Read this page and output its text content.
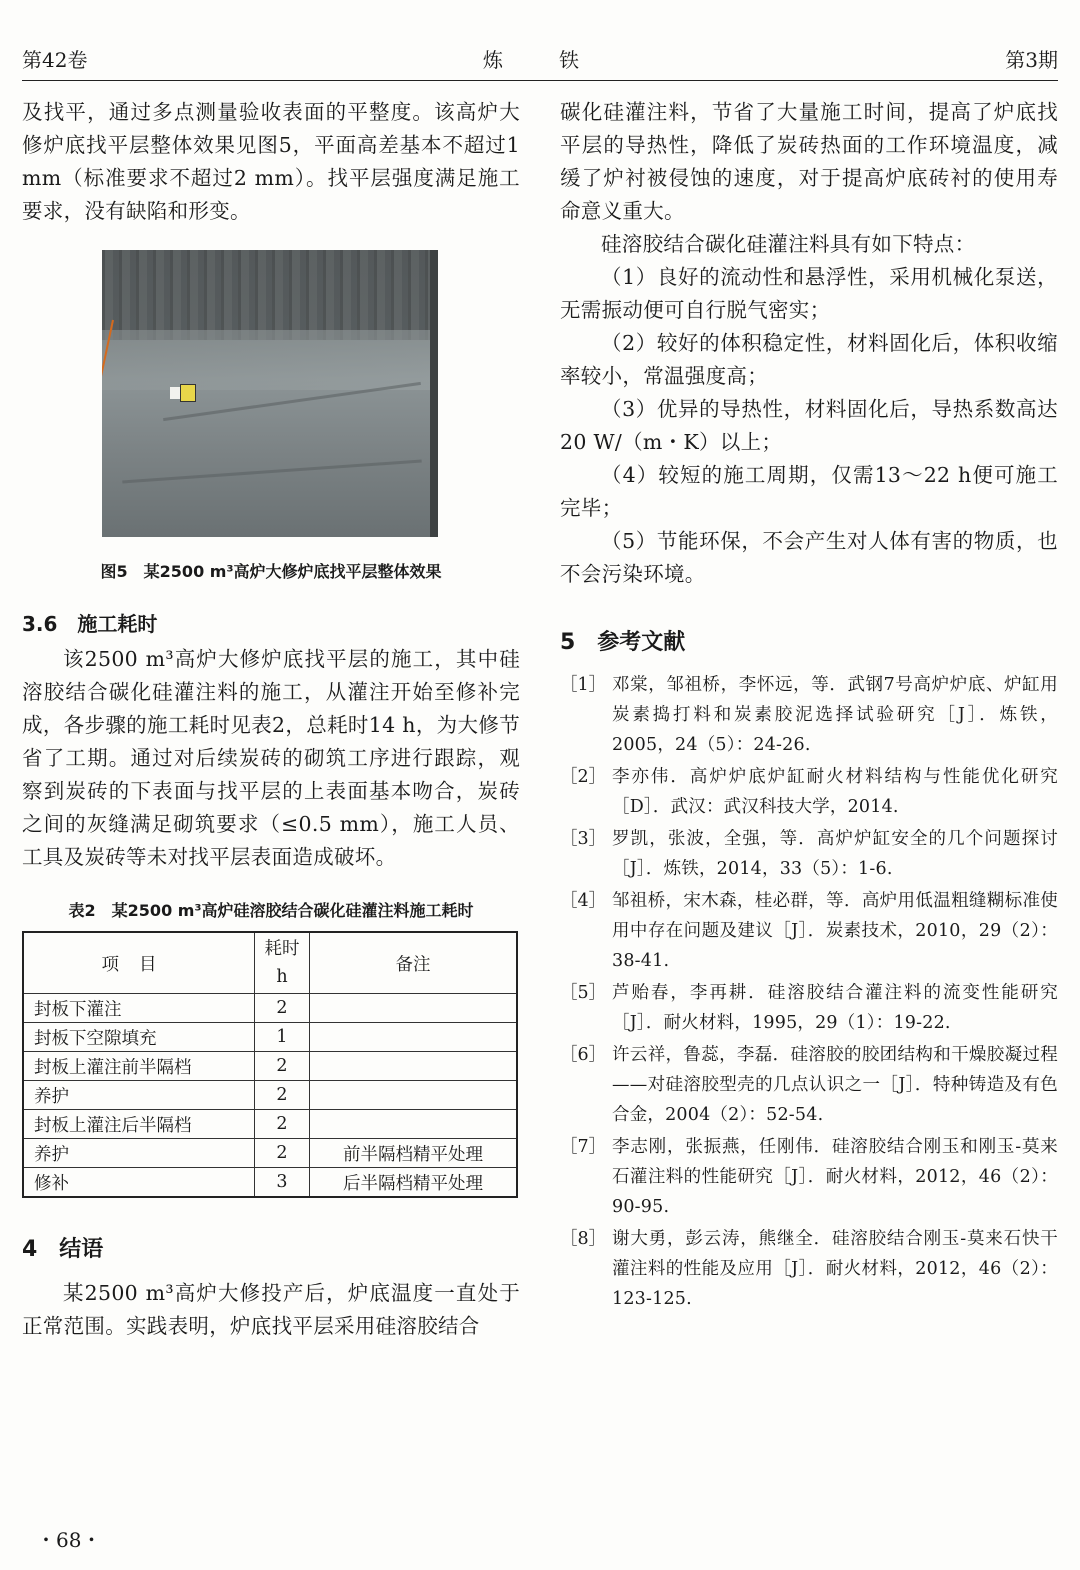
第42卷	炼　铁	第3期

及找平，通过多点测量验收表面的平整度。该高炉大修炉底找平层整体效果见图5，平面高差基本不超过1 mm（标准要求不超过2 mm）。找平层强度满足施工要求，没有缺陷和形变。

图5　某2500 m³高炉大修炉底找平层整体效果
3.6　施工耗时

该2500 m³高炉大修炉底找平层的施工，其中硅溶胶结合碳化硅灌注料的施工，从灌注开始至修补完成，各步骤的施工耗时见表2，总耗时14 h，为大修节省了工期。通过对后续炭砖的砌筑工序进行跟踪，观察到炭砖的下表面与找平层的上表面基本吻合，炭砖之间的灰缝满足砌筑要求（≤0.5 mm），施工人员、工具及炭砖等未对找平层表面造成破坏。

表2　某2500 m³高炉硅溶胶结合碳化硅灌注料施工耗时
项目	耗时h	备注
封板下灌注	2	
封板下空隙填充	1	
封板上灌注前半隔档	2	
养护	2	
封板上灌注后半隔档	2	
养护	2	前半隔档精平处理
修补	3	后半隔档精平处理
4　结语

某2500 m³高炉大修投产后，炉底温度一直处于正常范围。实践表明，炉底找平层采用硅溶胶结合

碳化硅灌注料，节省了大量施工时间，提高了炉底找平层的导热性，降低了炭砖热面的工作环境温度，减缓了炉衬被侵蚀的速度，对于提高炉底砖衬的使用寿命意义重大。

硅溶胶结合碳化硅灌注料具有如下特点：

（1）良好的流动性和悬浮性，采用机械化泵送，无需振动便可自行脱气密实；

（2）较好的体积稳定性，材料固化后，体积收缩率较小，常温强度高；

（3）优异的导热性，材料固化后，导热系数高达20 W/（m・K）以上；

（4）较短的施工周期，仅需13～22 h便可施工完毕；

（5）节能环保，不会产生对人体有害的物质，也不会污染环境。

5　参考文献
［1］ 邓棠，邹祖桥，李怀远，等．武钢7号高炉炉底、炉缸用炭素捣打料和炭素胶泥选择试验研究［J］．炼铁，2005，24（5）：24-26.
［2］ 李亦伟．高炉炉底炉缸耐火材料结构与性能优化研究［D］．武汉：武汉科技大学，2014.
［3］ 罗凯，张波，全强，等．高炉炉缸安全的几个问题探讨［J］．炼铁，2014，33（5）：1-6.
［4］ 邹祖桥，宋木森，桂必群，等．高炉用低温粗缝糊标准使用中存在问题及建议［J］．炭素技术，2010，29（2）：38-41.
［5］ 芦贻春，李再耕．硅溶胶结合灌注料的流变性能研究［J］．耐火材料，1995，29（1）：19-22.
［6］ 许云祥，鲁蕊，李磊．硅溶胶的胶团结构和干燥胶凝过程——对硅溶胶型壳的几点认识之一［J］．特种铸造及有色合金，2004（2）：52-54.
［7］ 李志刚，张振燕，任刚伟．硅溶胶结合刚玉和刚玉-莫来石灌注料的性能研究［J］．耐火材料，2012，46（2）：90-95.
［8］ 谢大勇，彭云涛，熊继全．硅溶胶结合刚玉-莫来石快干灌注料的性能及应用［J］．耐火材料，2012，46（2）：123-125.
・68・
